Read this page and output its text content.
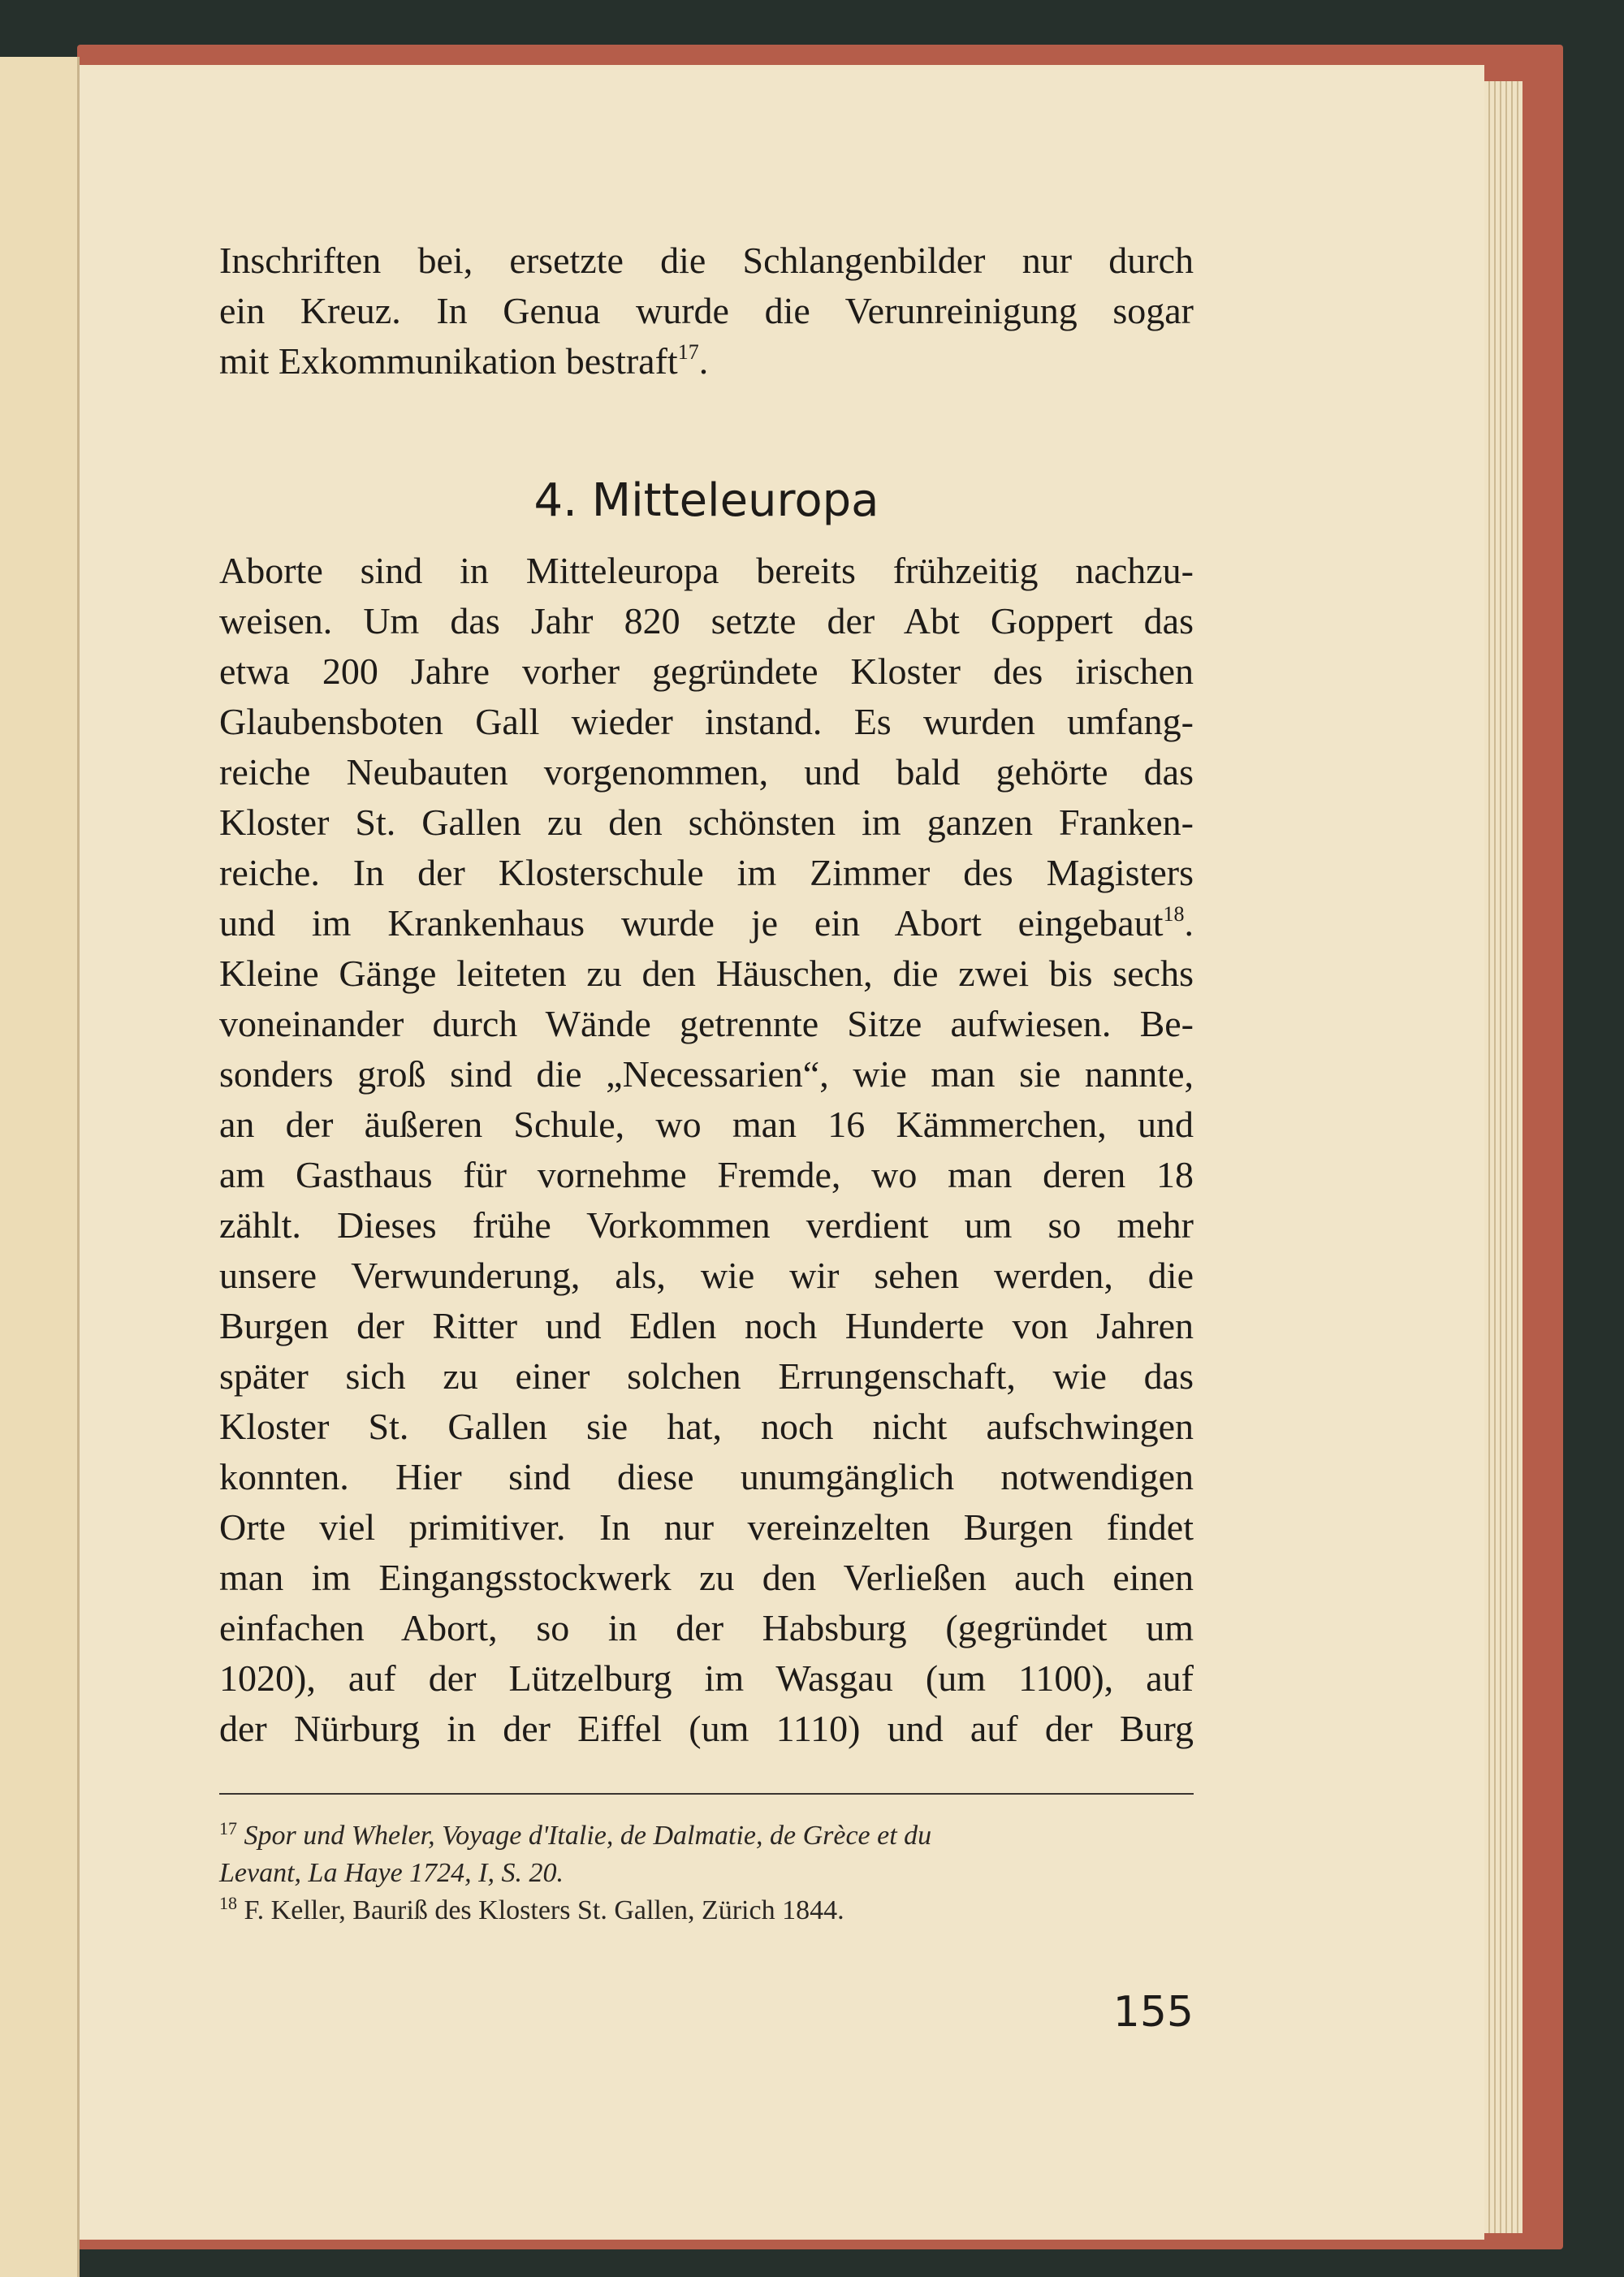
Inschriften bei, ersetzte die Schlangenbilder nur durch
ein Kreuz. In Genua wurde die Verunreinigung sogar
mit Exkommunikation bestraft$^{17}$.
4. Mitteleuropa
Aborte sind in Mitteleuropa bereits frühzeitig nachzu-
weisen. Um das Jahr 820 setzte der Abt Goppert das
etwa 200 Jahre vorher gegründete Kloster des irischen
Glaubensboten Gall wieder instand. Es wurden umfang-
reiche Neubauten vorgenommen, und bald gehörte das
Kloster St. Gallen zu den schönsten im ganzen Franken-
reiche. In der Klosterschule im Zimmer des Magisters
und im Krankenhaus wurde je ein Abort eingebaut$^{18}$.
Kleine Gänge leiteten zu den Häuschen, die zwei bis sechs
voneinander durch Wände getrennte Sitze aufwiesen. Be-
sonders groß sind die „Necessarien“, wie man sie nannte,
an der äußeren Schule, wo man 16 Kämmerchen, und
am Gasthaus für vornehme Fremde, wo man deren 18
zählt. Dieses frühe Vorkommen verdient um so mehr
unsere Verwunderung, als, wie wir sehen werden, die
Burgen der Ritter und Edlen noch Hunderte von Jahren
später sich zu einer solchen Errungenschaft, wie das
Kloster St. Gallen sie hat, noch nicht aufschwingen
konnten. Hier sind diese unumgänglich notwendigen
Orte viel primitiver. In nur vereinzelten Burgen findet
man im Eingangsstockwerk zu den Verließen auch einen
einfachen Abort, so in der Habsburg (gegründet um
1020), auf der Lützelburg im Wasgau (um 1100), auf
der Nürburg in der Eiffel (um 1110) und auf der Burg
$^{17}$ Spor und Wheler, Voyage d'Italie, de Dalmatie, de Grèce et du
Levant, La Haye 1724, I, S. 20.
$^{18}$ F. Keller, Bauriß des Klosters St. Gallen, Zürich 1844.
155
